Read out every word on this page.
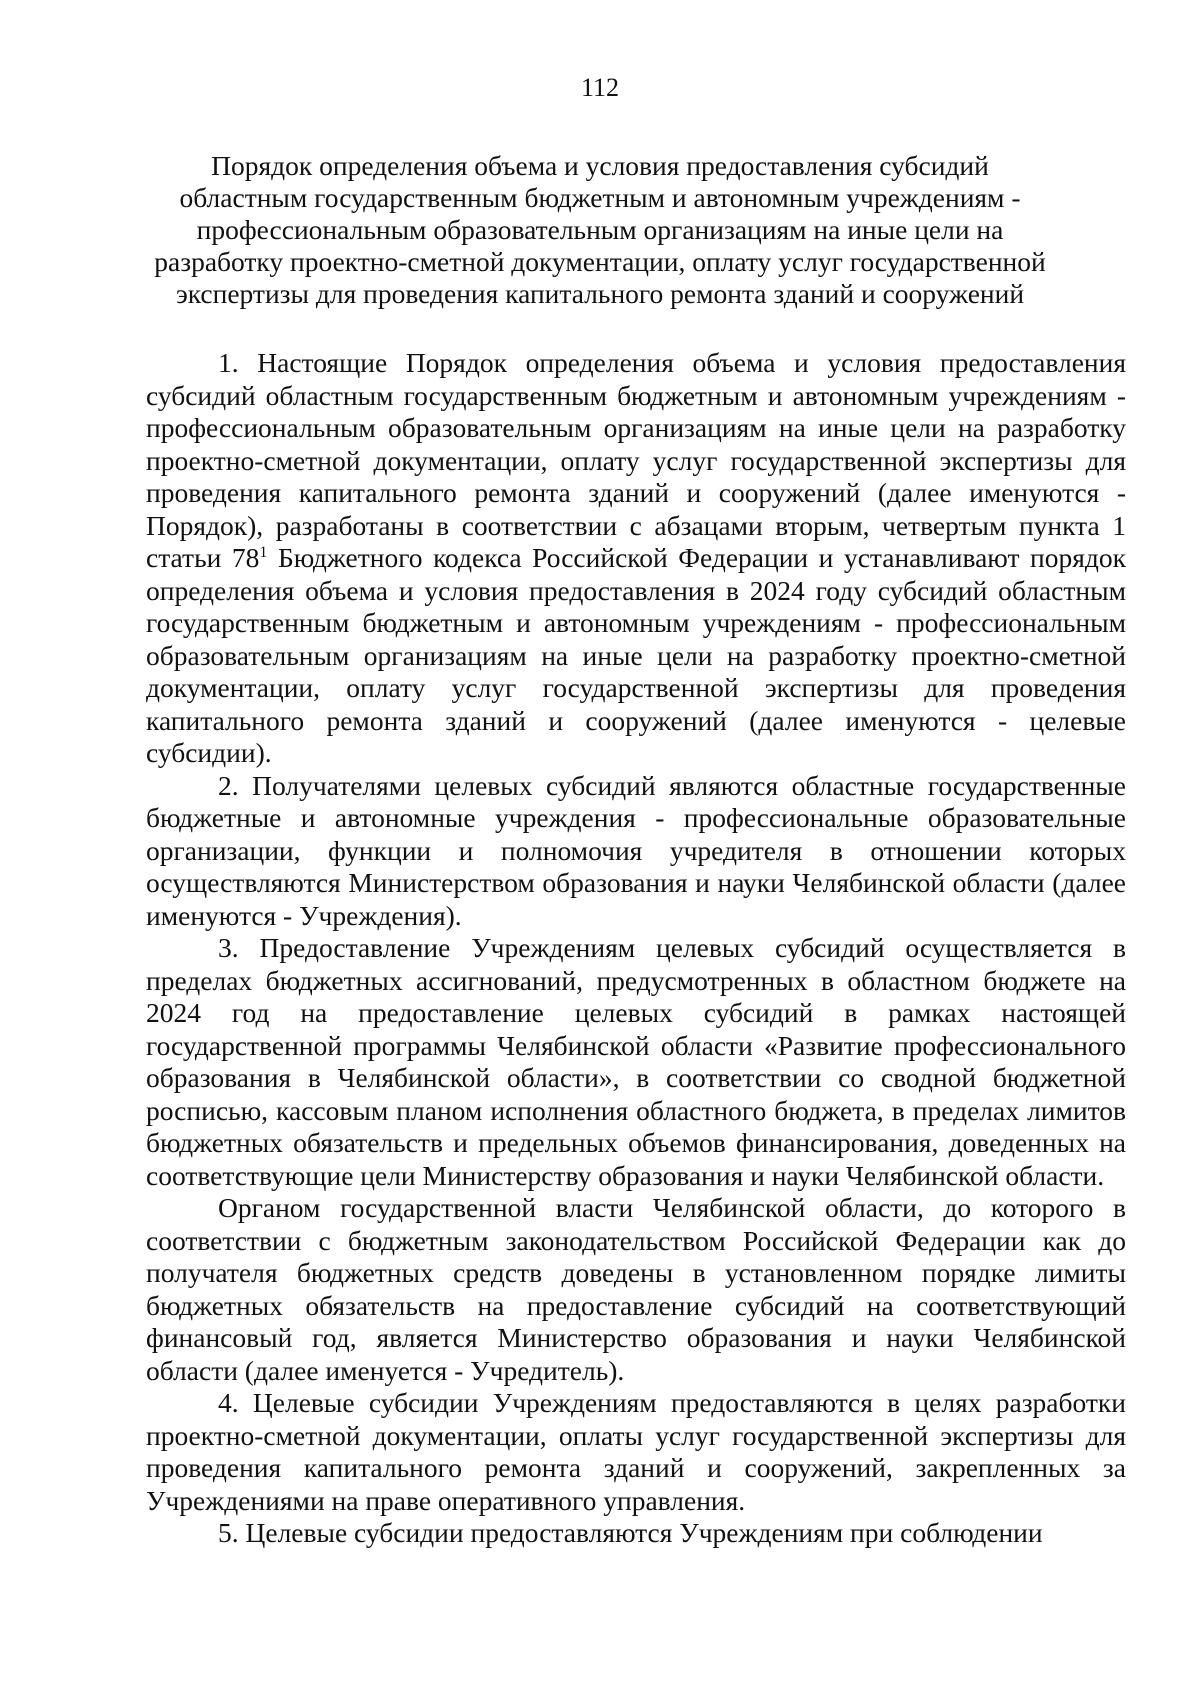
112
Порядок определения объема и условия предоставления субсидий областным государственным бюджетным и автономным учреждениям - профессиональным образовательным организациям на иные цели на разработку проектно-сметной документации, оплату услуг государственной экспертизы для проведения капитального ремонта зданий и сооружений

1. Настоящие Порядок определения объема и условия предоставления субсидий областным государственным бюджетным и автономным учреждениям - профессиональным образовательным организациям на иные цели на разработку проектно-сметной документации, оплату услуг государственной экспертизы для проведения капитального ремонта зданий и сооружений (далее именуются - Порядок), разработаны в соответствии с абзацами вторым, четвертым пункта 1 статьи $78^1$ Бюджетного кодекса Российской Федерации и устанавливают порядок определения объема и условия предоставления в 2024 году субсидий областным государственным бюджетным и автономным учреждениям - профессиональным образовательным организациям на иные цели на разработку проектно-сметной документации, оплату услуг государственной экспертизы для проведения капитального ремонта зданий и сооружений (далее именуются - целевые субсидии).

2. Получателями целевых субсидий являются областные государственные бюджетные и автономные учреждения - профессиональные образовательные организации, функции и полномочия учредителя в отношении которых осуществляются Министерством образования и науки Челябинской области (далее именуются - Учреждения).

3. Предоставление Учреждениям целевых субсидий осуществляется в пределах бюджетных ассигнований, предусмотренных в областном бюджете на 2024 год на предоставление целевых субсидий в рамках настоящей государственной программы Челябинской области «Развитие профессионального образования в Челябинской области», в соответствии со сводной бюджетной росписью, кассовым планом исполнения областного бюджета, в пределах лимитов бюджетных обязательств и предельных объемов финансирования, доведенных на соответствующие цели Министерству образования и науки Челябинской области.

Органом государственной власти Челябинской области, до которого в соответствии с бюджетным законодательством Российской Федерации как до получателя бюджетных средств доведены в установленном порядке лимиты бюджетных обязательств на предоставление субсидий на соответствующий финансовый год, является Министерство образования и науки Челябинской области (далее именуется - Учредитель).

4. Целевые субсидии Учреждениям предоставляются в целях разработки проектно-сметной документации, оплаты услуг государственной экспертизы для проведения капитального ремонта зданий и сооружений, закрепленных за Учреждениями на праве оперативного управления.

5. Целевые субсидии предоставляются Учреждениям при соблюдении
